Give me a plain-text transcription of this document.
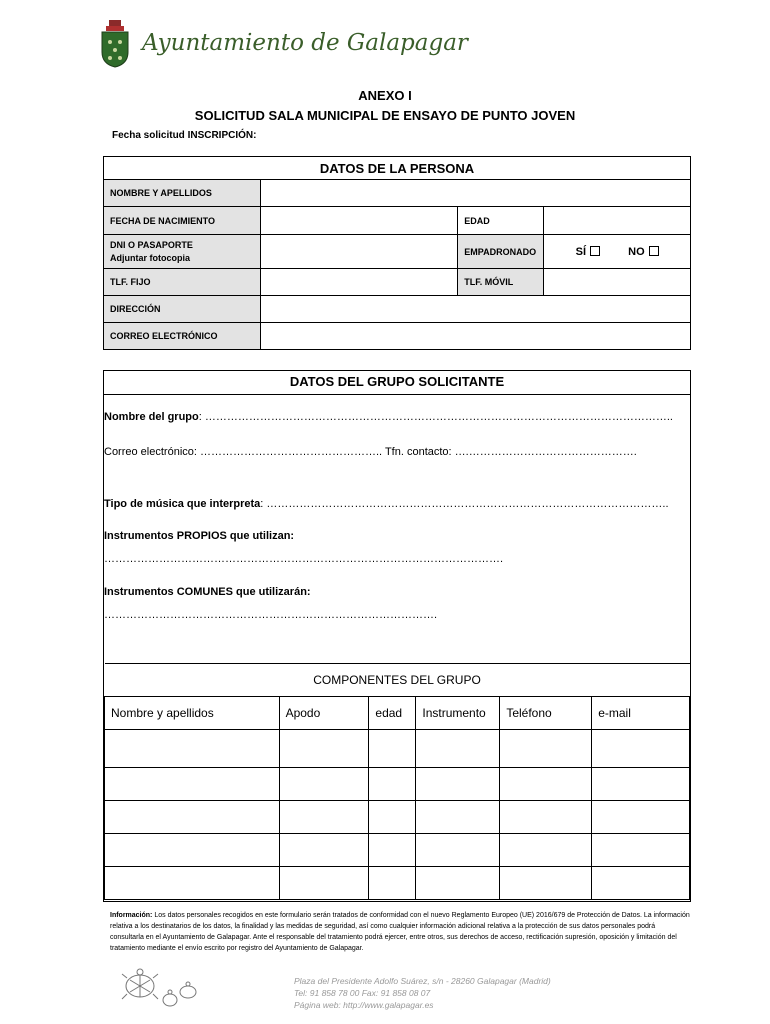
Ayuntamiento de Galapagar
ANEXO I
SOLICITUD SALA MUNICIPAL DE ENSAYO DE PUNTO JOVEN
Fecha solicitud INSCRIPCIÓN:
DATOS DE LA PERSONA			
NOMBRE Y APELLIDOS			
FECHA DE NACIMIENTO		EDAD	

DNI O PASAPORTE
Adjuntar fotocopia		EMPADRONADO	SÍ NO
TLF. FIJO		TLF. MÓVIL	
DIRECCIÓN			
CORREO ELECTRÓNICO			
DATOS DEL GRUPO SOLICITANTE
Nombre del grupo: ………………………………………………………………………………………………………………..
Correo electrónico: ………………………………………….. Tfn. contacto: ….……………………………………….
Tipo de música que interpreta: ………………………………………………………………………………………………..
Instrumentos PROPIOS que utilizan:
……………………………………………………………………………………………….
Instrumentos COMUNES que utilizarán:
……………………………………………………………………………….
COMPONENTES DEL GRUPO					
Nombre y apellidos	Apodo	edad	Instrumento	Teléfono	e-mail

Información: Los datos personales recogidos en este formulario serán tratados de conformidad con el nuevo Reglamento Europeo (UE) 2016/679 de Protección de Datos. La información relativa a los destinatarios de los datos, la finalidad y las medidas de seguridad, así como cualquier información adicional relativa a la protección de sus datos personales podrá consultarla en el Ayuntamiento de Galapagar. Ante el responsable del tratamiento podrá ejercer, entre otros, sus derechos de acceso, rectificación supresión, oposición y limitación del tratamiento mediante el envío escrito por registro del Ayuntamiento de Galapagar.
Plaza del Presidente Adolfo Suárez, s/n - 28260 Galapagar (Madrid)
Tel: 91 858 78 00 Fax: 91 858 08 07
Página web: http://www.galapagar.es
